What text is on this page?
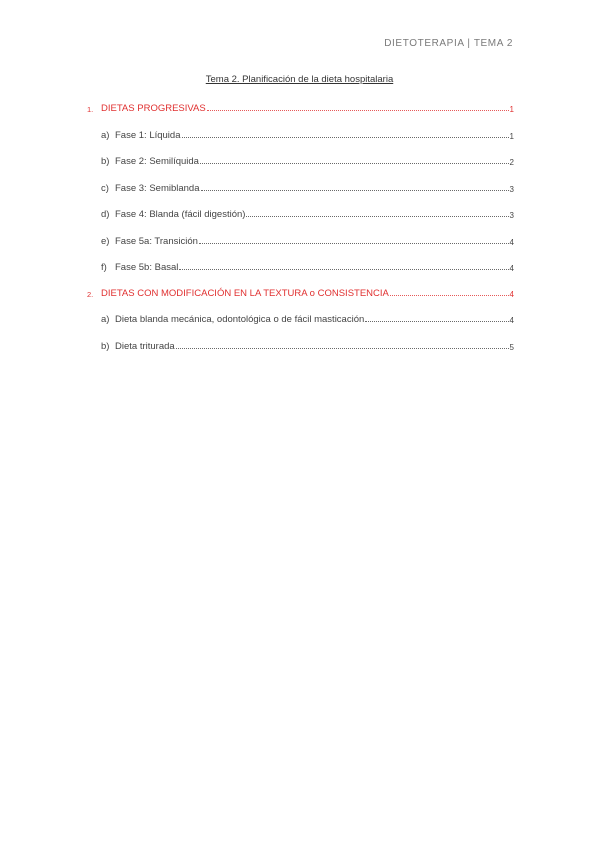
DIETOTERAPIA | TEMA 2
Tema 2. Planificación de la dieta hospitalaria
1. DIETAS PROGRESIVAS	1
a) Fase 1: Líquida	1
b) Fase 2: Semilíquida	2
c) Fase 3: Semiblanda	3
d) Fase 4: Blanda (fácil digestión)	3
e) Fase 5a: Transición	4
f) Fase 5b: Basal	4
2. DIETAS CON MODIFICACIÓN EN LA TEXTURA o CONSISTENCIA	4
a) Dieta blanda mecánica, odontológica o de fácil masticación	4
b) Dieta triturada	5
